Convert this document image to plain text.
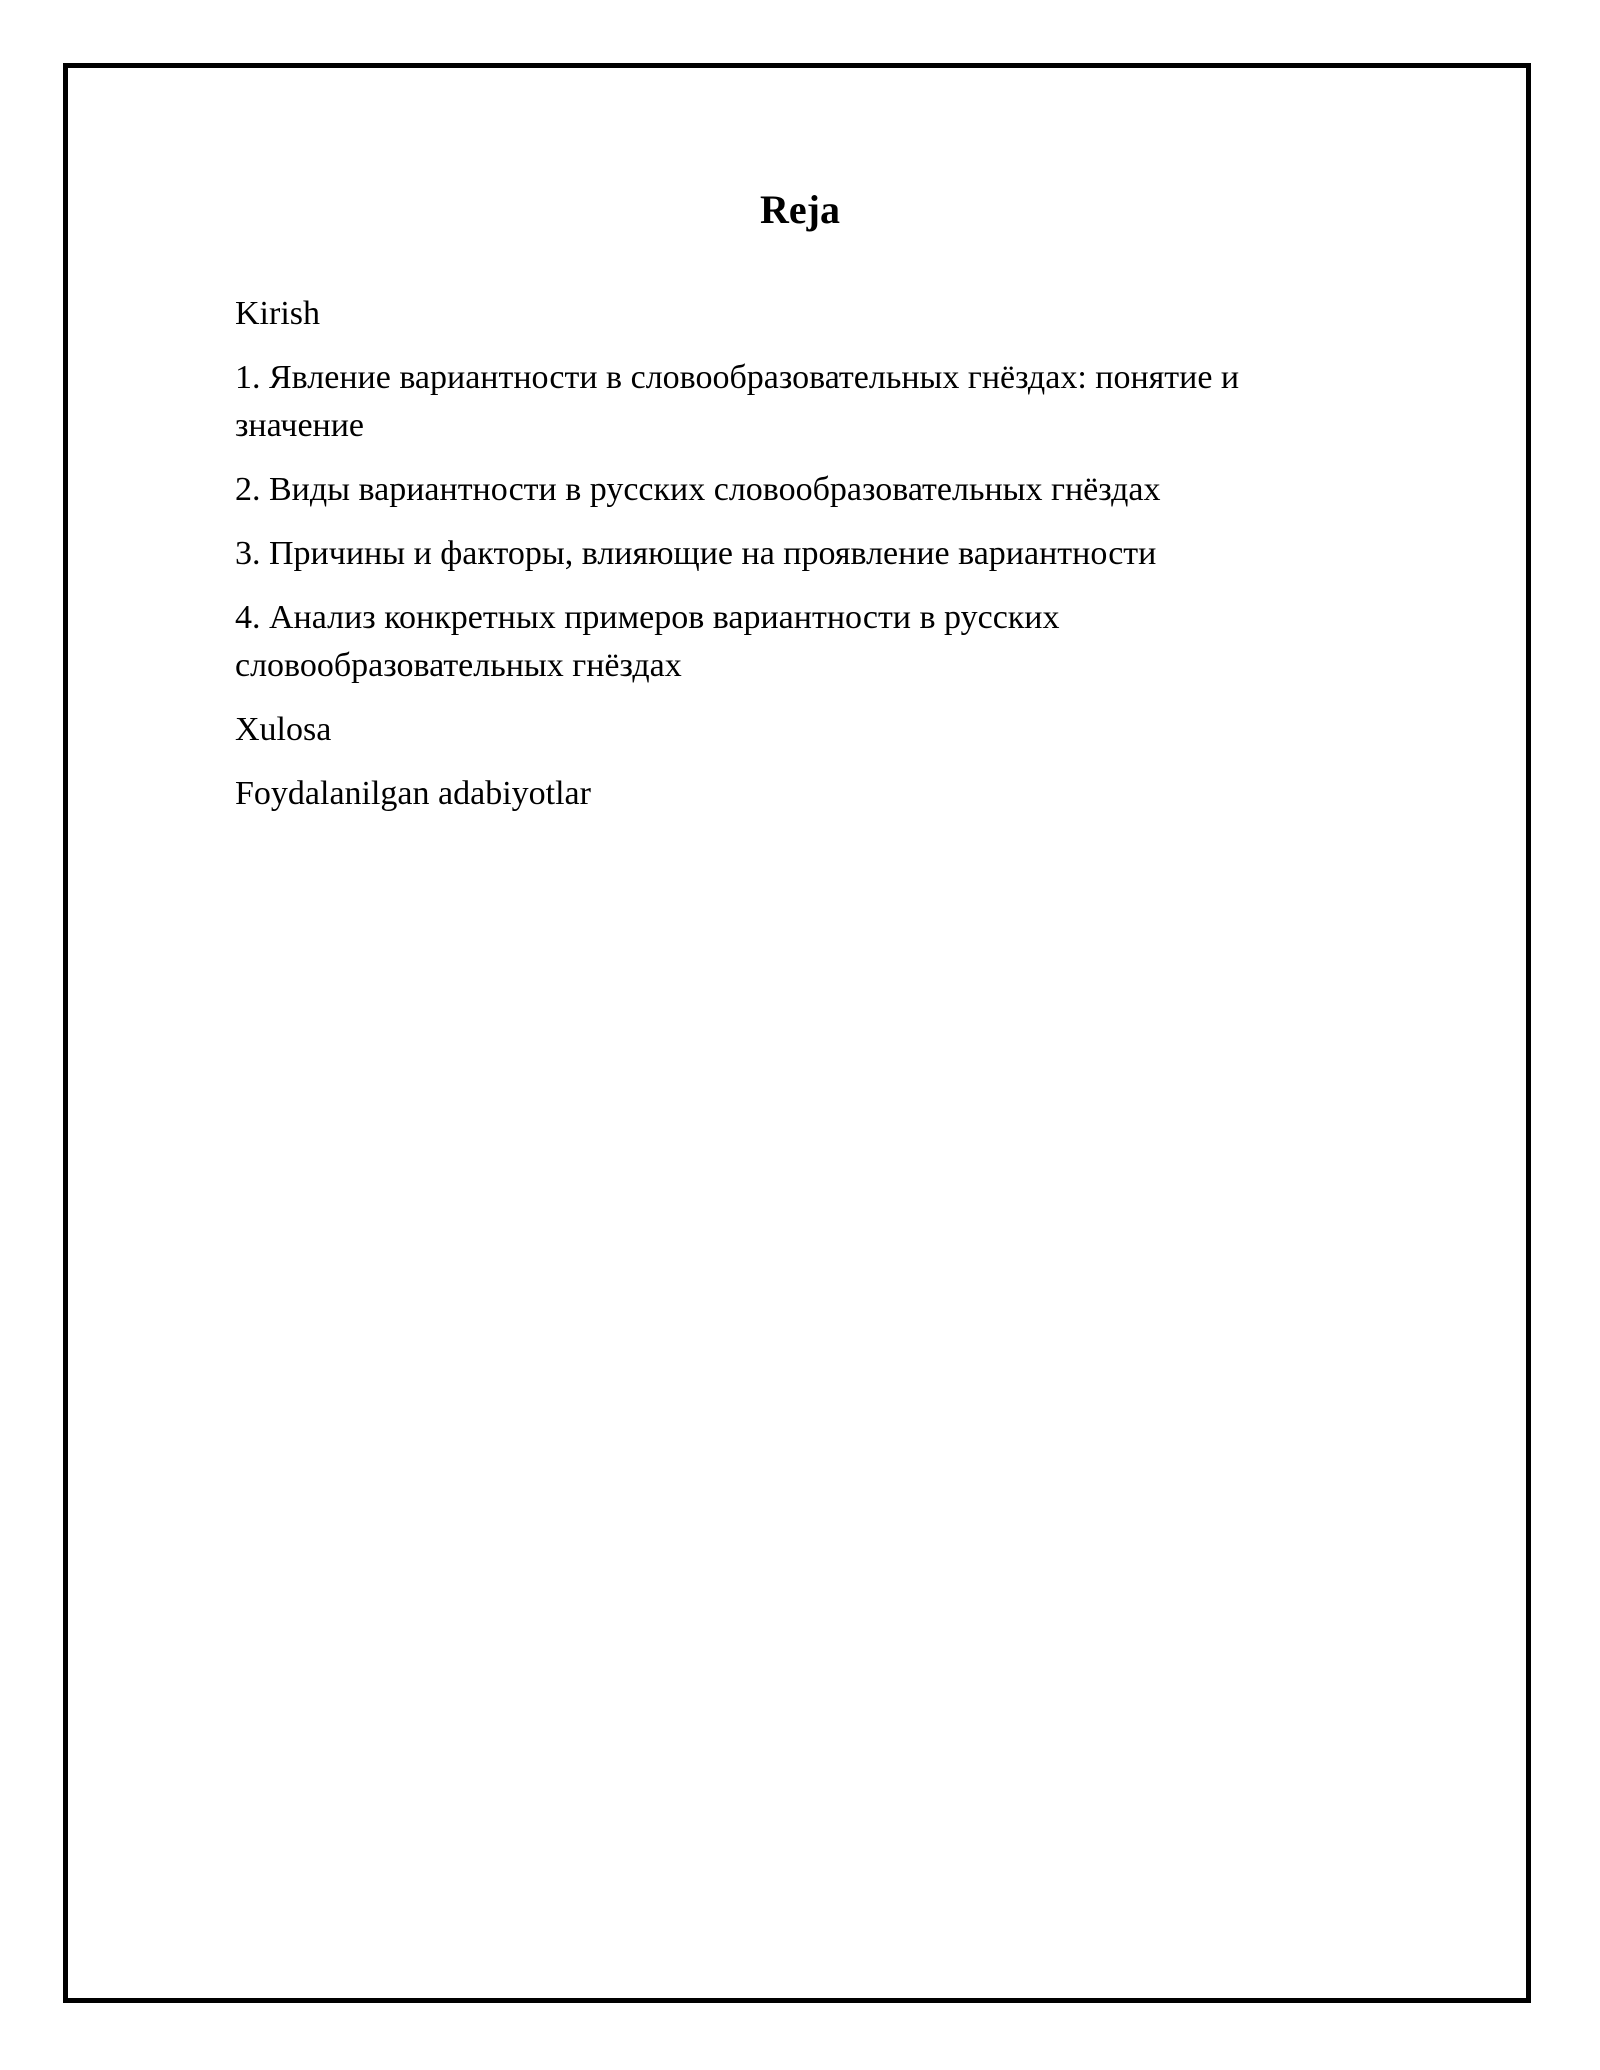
Reja
Kirish
1. Явление вариантности в словообразовательных гнёздах: понятие и значение
2. Виды вариантности в русских словообразовательных гнёздах
3. Причины и факторы, влияющие на проявление вариантности
4. Анализ конкретных примеров вариантности в русских словообразовательных гнёздах
Xulosa
Foydalanilgan adabiyotlar
